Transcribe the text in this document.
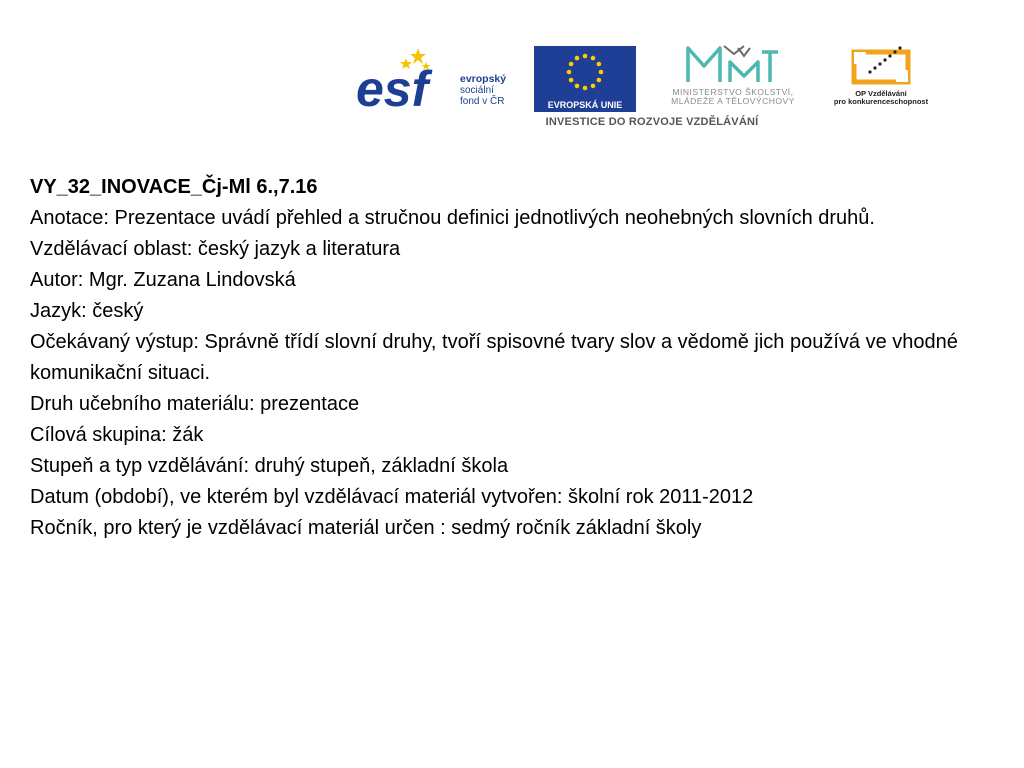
esf	evropský
sociální
fond v ČR	EVROPSKÁ UNIE
MINISTERSTVO ŠKOLSTVÍ,
MLÁDEŽE A TĚLOVÝCHOVY
OP Vzdělávání
pro konkurenceschopnost
INVESTICE DO ROZVOJE VZDĚLÁVÁNÍ

VY_32_INOVACE_Čj-Ml 6.,7.16

Anotace: Prezentace uvádí přehled a stručnou definici jednotlivých neohebných slovních druhů.

Vzdělávací oblast: český jazyk a literatura

Autor: Mgr. Zuzana Lindovská

Jazyk: český

Očekávaný výstup: Správně třídí slovní druhy, tvoří spisovné tvary slov a vědomě jich používá ve vhodné komunikační situaci.

Druh učebního materiálu: prezentace

Cílová skupina: žák

Stupeň a typ vzdělávání: druhý stupeň, základní škola

Datum (období), ve kterém byl vzdělávací materiál vytvořen: školní rok 2011-2012

Ročník, pro který je vzdělávací materiál určen : sedmý ročník základní školy
